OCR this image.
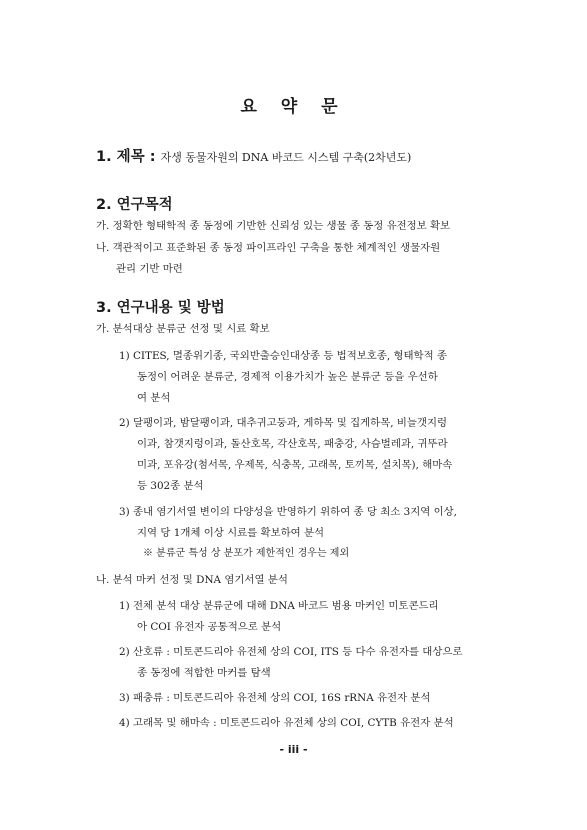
요 약 문
1. 제목 : 자생 동물자원의 DNA 바코드 시스템 구축(2차년도)
2. 연구목적
가. 정확한 형태학적 종 동정에 기반한 신뢰성 있는 생물 종 동정 유전정보 확보
나. 객관적이고 표준화된 종 동정 파이프라인 구축을 통한 체계적인 생물자원
관리 기반 마련
3. 연구내용 및 방법
가. 분석대상 분류군 선정 및 시료 확보
1) CITES, 멸종위기종, 국외반출승인대상종 등 법적보호종, 형태학적 종
동정이 어려운 분류군, 경제적 이용가치가 높은 분류군 등을 우선하
여 분석
2) 달팽이과, 밤달팽이과, 대추귀고둥과, 게하목 및 집게하목, 비늘갯지렁
이과, 참갯지렁이과, 돌산호목, 각산호목, 패충강, 사슴벌레과, 귀뚜라
미과, 포유강(첨서목, 우제목, 식충목, 고래목, 토끼목, 설치목), 해마속
등 302종 분석
3) 종내 염기서열 변이의 다양성을 반영하기 위하여 종 당 최소 3지역 이상,
지역 당 1개체 이상 시료를 확보하여 분석
※ 분류군 특성 상 분포가 제한적인 경우는 제외
나. 분석 마커 선정 및 DNA 염기서열 분석
1) 전체 분석 대상 분류군에 대해 DNA 바코드 범용 마커인 미토콘드리
아 COI 유전자 공통적으로 분석
2) 산호류 : 미토콘드리아 유전체 상의 COI, ITS 등 다수 유전자를 대상으로
종 동정에 적합한 마커를 탐색
3) 패충류 : 미토콘드리아 유전체 상의 COI, 16S rRNA 유전자 분석
4) 고래목 및 해마속 : 미토콘드리아 유전체 상의 COI, CYTB 유전자 분석
- iii -
